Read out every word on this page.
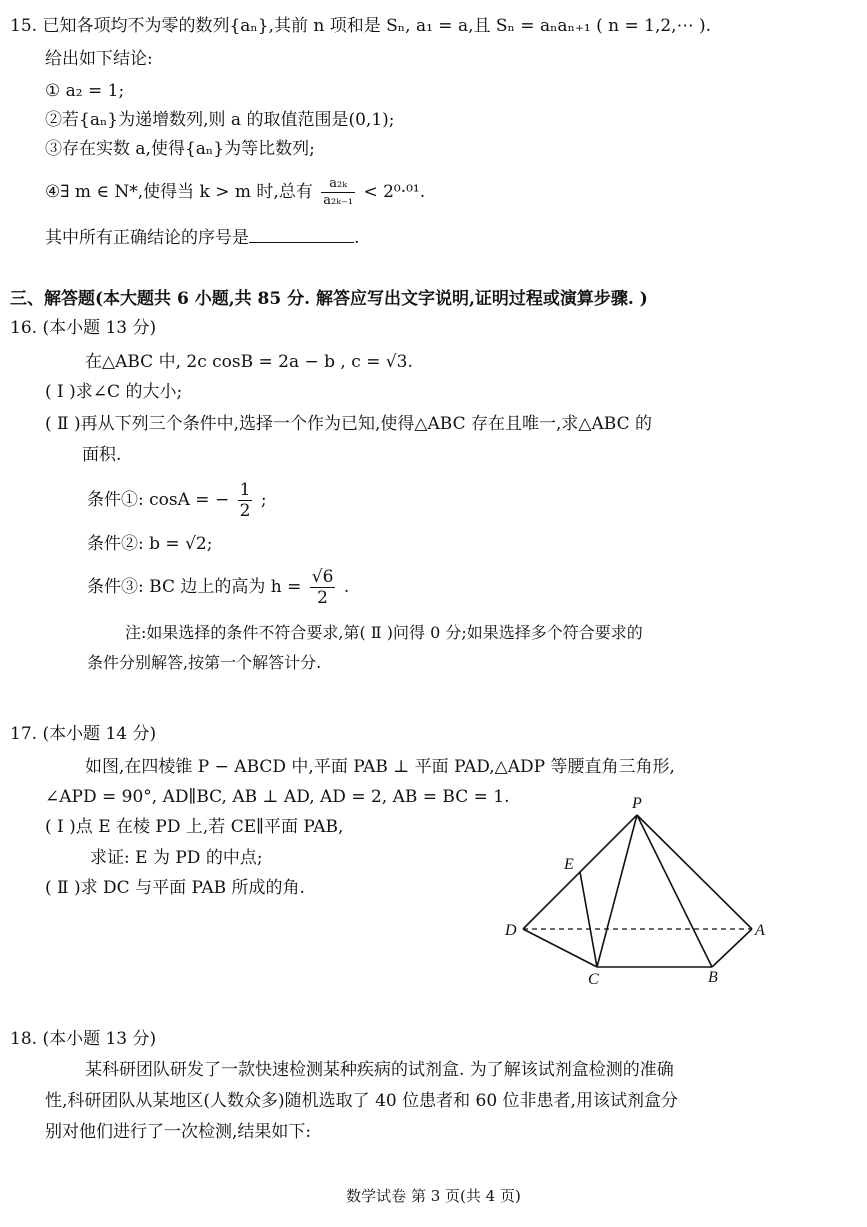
15. 已知各项均不为零的数列{aₙ},其前 n 项和是 Sₙ, a₁ = a,且 Sₙ = aₙaₙ₊₁ ( n = 1,2,⋯ ).
给出如下结论:
① a₂ = 1;
②若{aₙ}为递增数列,则 a 的取值范围是(0,1);
③存在实数 a,使得{aₙ}为等比数列;
④∃ m ∈ N*,使得当 k > m 时,总有 $\frac{\text{a₂ₖ}}{\text{a₂ₖ₋₁}} < 2^0\cdot^{01}$.
其中所有正确结论的序号是	.
三、解答题(本大题共 6 小题,共 85 分. 解答应写出文字说明,证明过程或演算步骤. )
16. (本小题 13 分)
在△ABC 中, 2c cosB = 2a − b , c = √3.
( Ⅰ )求∠C 的大小;
( Ⅱ )再从下列三个条件中,选择一个作为已知,使得△ABC 存在且唯一,求△ABC 的
面积.
条件①: cosA = − $\frac{1}{2}$ ;
条件②: b = √2;
条件③: BC 边上的高为 $h = \frac{√6}{2}$ .
注:如果选择的条件不符合要求,第( Ⅱ )问得 0 分;如果选择多个符合要求的
条件分别解答,按第一个解答计分.
17. (本小题 14 分)
如图,在四棱锥 P − ABCD 中,平面 PAB ⊥ 平面 PAD,△ADP 等腰直角三角形,
∠APD = 90°, AD∥BC, AB ⊥ AD, AD = 2, AB = BC = 1.
( Ⅰ )点 E 在棱 PD 上,若 CE∥平面 PAB,
求证: E 为 PD 的中点;
( Ⅱ )求 DC 与平面 PAB 所成的角.
P
E
D	A
C	B
18. (本小题 13 分)
某科研团队研发了一款快速检测某种疾病的试剂盒. 为了解该试剂盒检测的准确
性,科研团队从某地区(人数众多)随机选取了 40 位患者和 60 位非患者,用该试剂盒分
别对他们进行了一次检测,结果如下:
数学试卷 第 3 页(共 4 页)
